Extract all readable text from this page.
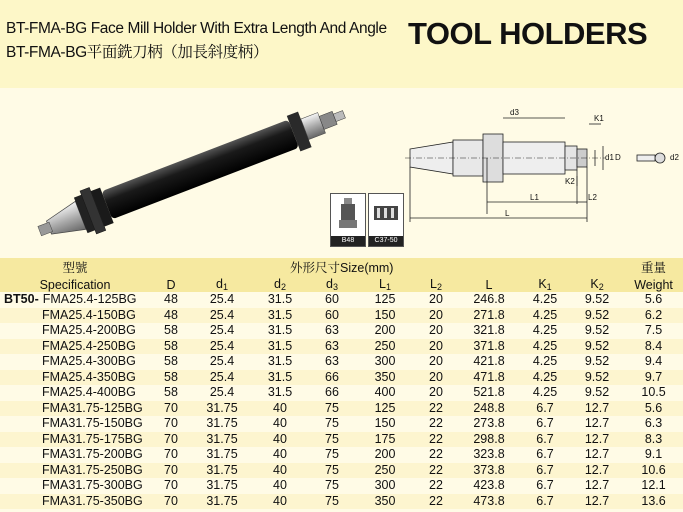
BT-FMA-BG Face Mill Holder With Extra Length And Angle
BT-FMA-BG平面銑刀柄（加長斜度柄）
TOOL HOLDERS
d3
K1
d1 D
K2
L1	L2
L
d2
B48	C37-50
型號	外形尺寸Size(mm)									重量
Specification	D	$d_1$	$d_2$	$d_3$	$L_1$	$L_2$	L	$K_1$	$K_2$	Weight
BT50- FMA25.4-125BG	48	25.4	31.5	60	125	20	246.8	4.25	9.52	5.6
FMA25.4-150BG	48	25.4	31.5	60	150	20	271.8	4.25	9.52	6.2
FMA25.4-200BG	58	25.4	31.5	63	200	20	321.8	4.25	9.52	7.5
FMA25.4-250BG	58	25.4	31.5	63	250	20	371.8	4.25	9.52	8.4
FMA25.4-300BG	58	25.4	31.5	63	300	20	421.8	4.25	9.52	9.4
FMA25.4-350BG	58	25.4	31.5	66	350	20	471.8	4.25	9.52	9.7
FMA25.4-400BG	58	25.4	31.5	66	400	20	521.8	4.25	9.52	10.5
FMA31.75-125BG	70	31.75	40	75	125	22	248.8	6.7	12.7	5.6
FMA31.75-150BG	70	31.75	40	75	150	22	273.8	6.7	12.7	6.3
FMA31.75-175BG	70	31.75	40	75	175	22	298.8	6.7	12.7	8.3
FMA31.75-200BG	70	31.75	40	75	200	22	323.8	6.7	12.7	9.1
FMA31.75-250BG	70	31.75	40	75	250	22	373.8	6.7	12.7	10.6
FMA31.75-300BG	70	31.75	40	75	300	22	423.8	6.7	12.7	12.1
FMA31.75-350BG	70	31.75	40	75	350	22	473.8	6.7	12.7	13.6
